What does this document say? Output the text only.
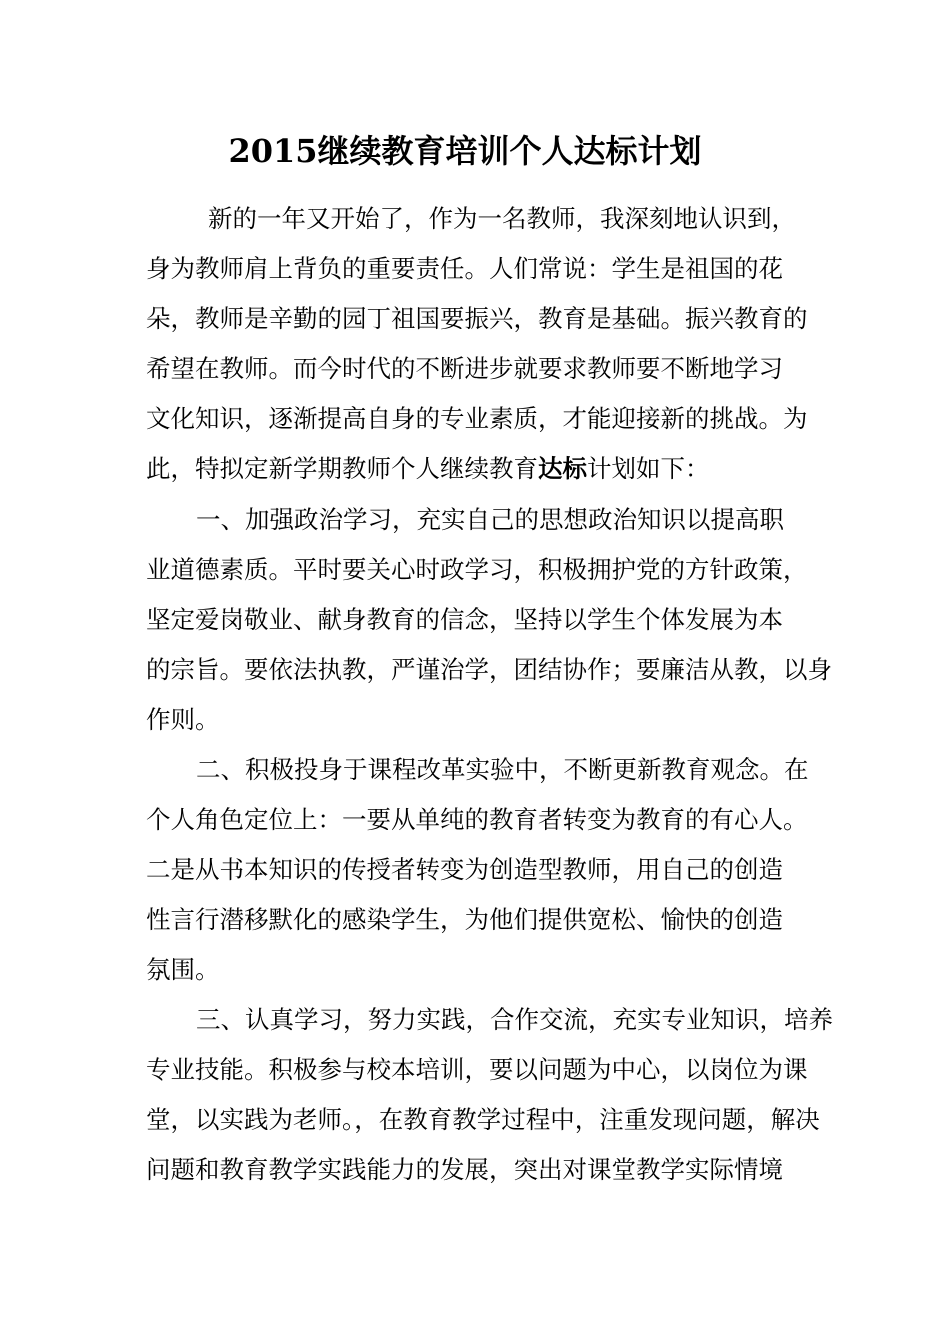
2015继续教育培训个人达标计划
新的一年又开始了，作为一名教师，我深刻地认识到，
身为教师肩上背负的重要责任。人们常说：学生是祖国的花
朵，教师是辛勤的园丁祖国要振兴，教育是基础。振兴教育的
希望在教师。而今时代的不断进步就要求教师要不断地学习
文化知识，逐渐提高自身的专业素质，才能迎接新的挑战。为
此，特拟定新学期教师个人继续教育达标计划如下：
一、加强政治学习，充实自己的思想政治知识以提高职
业道德素质。平时要关心时政学习，积极拥护党的方针政策，
坚定爱岗敬业、献身教育的信念，坚持以学生个体发展为本
的宗旨。要依法执教，严谨治学，团结协作；要廉洁从教，以身
作则。
二、积极投身于课程改革实验中，不断更新教育观念。在
个人角色定位上：一要从单纯的教育者转变为教育的有心人。
二是从书本知识的传授者转变为创造型教师，用自己的创造
性言行潜移默化的感染学生，为他们提供宽松、愉快的创造
氛围。
三、认真学习，努力实践，合作交流，充实专业知识，培养
专业技能。积极参与校本培训，要以问题为中心，以岗位为课
堂，以实践为老师。，在教育教学过程中，注重发现问题，解决
问题和教育教学实践能力的发展，突出对课堂教学实际情境
